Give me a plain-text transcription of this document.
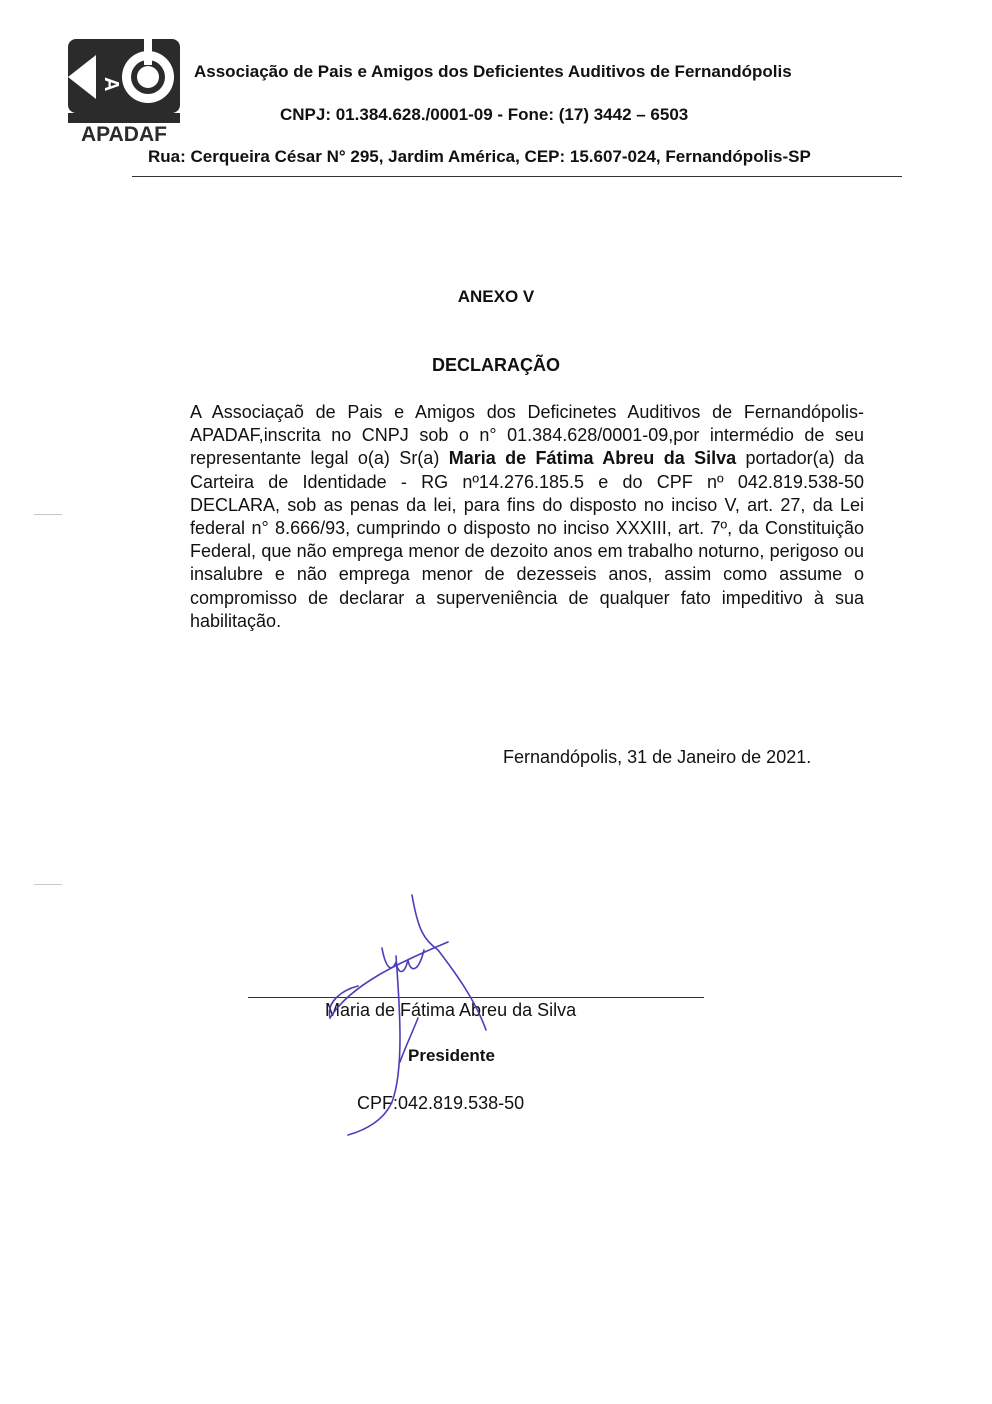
A
APADAF
Associação de Pais e Amigos dos Deficientes Auditivos de Fernandópolis
CNPJ: 01.384.628./0001-09 - Fone: (17) 3442 – 6503
Rua: Cerqueira César N° 295, Jardim América, CEP: 15.607-024, Fernandópolis-SP
ANEXO V
DECLARAÇÃO
A Associaçaõ de Pais e Amigos dos Deficinetes Auditivos de Fernandópolis-APADAF,inscrita no CNPJ sob o n° 01.384.628/0001-09,por intermédio de seu representante legal o(a) Sr(a) Maria de Fátima Abreu da Silva portador(a) da Carteira de Identidade - RG nº14.276.185.5 e do CPF nº 042.819.538-50 DECLARA, sob as penas da lei, para fins do disposto no inciso V, art. 27, da Lei federal n° 8.666/93, cumprindo o disposto no inciso XXXIII, art. 7º, da Constituição Federal, que não emprega menor de dezoito anos em trabalho noturno, perigoso ou insalubre e não emprega menor de dezesseis anos, assim como assume o compromisso de declarar a superveniência de qualquer fato impeditivo à sua habilitação.
Fernandópolis, 31 de Janeiro de 2021.
Maria de Fátima Abreu da Silva
Presidente
CPF:042.819.538-50
